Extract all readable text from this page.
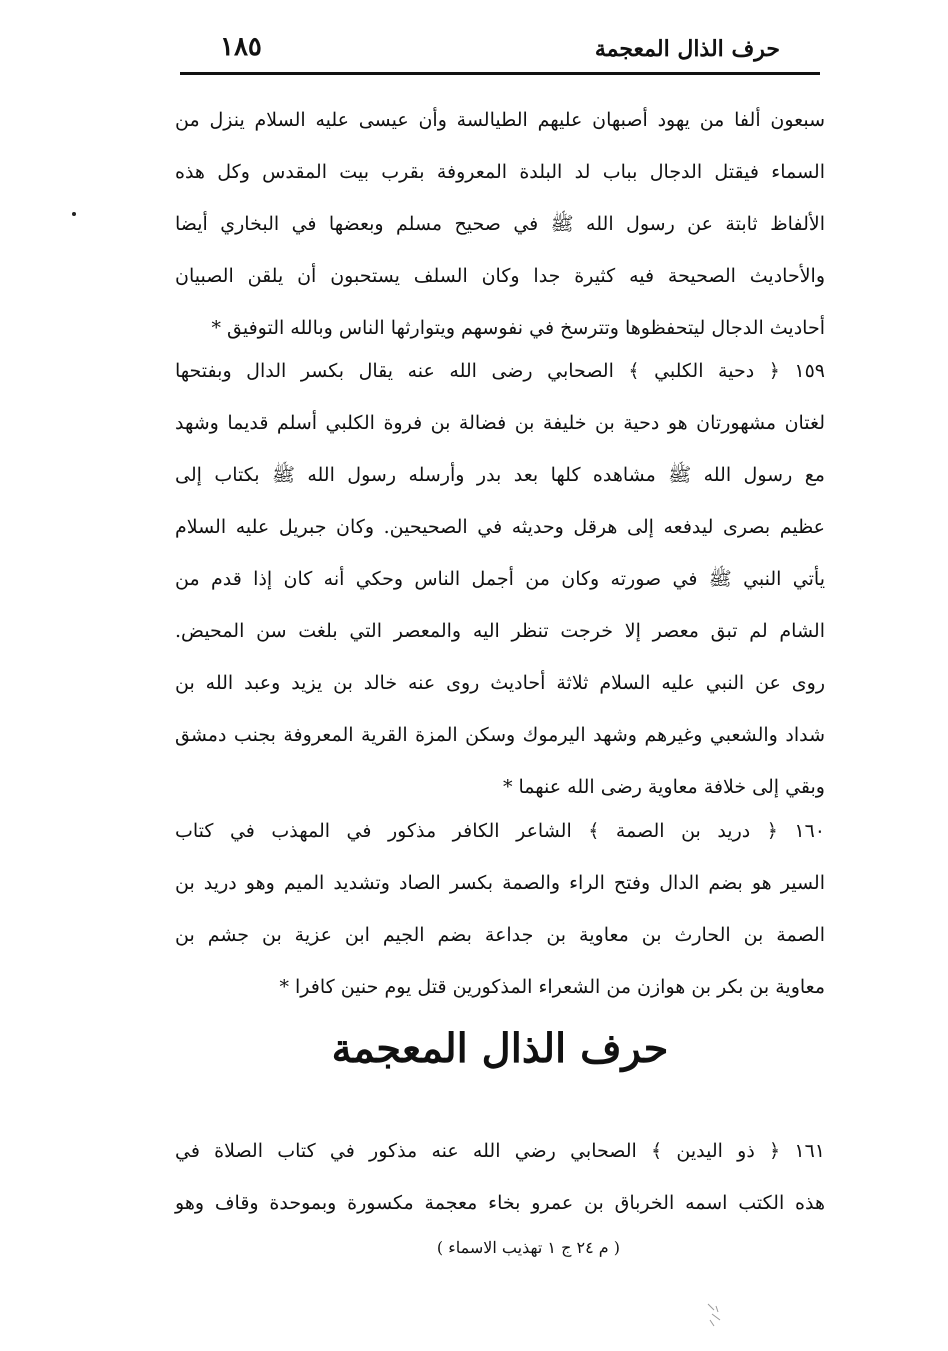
حرف الذال المعجمة
١٨٥

سبعون ألفا من يهود أصبهان عليهم الطيالسة وأن عيسى عليه السلام ينزل من

السماء فيقتل الدجال بباب لد البلدة المعروفة بقرب بيت المقدس وكل هذه

الألفاظ ثابتة عن رسول الله ﷺ في صحيح مسلم وبعضها في البخاري أيضا

والأحاديث الصحيحة فيه كثيرة جدا وكان السلف يستحبون أن يلقن الصبيان

أحاديث الدجال ليتحفظوها وتترسخ في نفوسهم ويتوارثها الناس وبالله التوفيق *

١٥٩ ﴿ دحية الكلبي ﴾ الصحابي رضى الله عنه يقال بكسر الدال وبفتحها

لغتان مشهورتان هو دحية بن خليفة بن فضالة بن فروة الكلبي أسلم قديما وشهد

مع رسول الله ﷺ مشاهده كلها بعد بدر وأرسله رسول الله ﷺ بكتاب إلى

عظيم بصرى ليدفعه إلى هرقل وحديثه في الصحيحين. وكان جبريل عليه السلام

يأتي النبي ﷺ في صورته وكان من أجمل الناس وحكي أنه كان إذا قدم من

الشام لم تبق معصر إلا خرجت تنظر اليه والمعصر التي بلغت سن المحيض.

روى عن النبي عليه السلام ثلاثة أحاديث روى عنه خالد بن يزيد وعبد الله بن

شداد والشعبي وغيرهم وشهد اليرموك وسكن المزة القرية المعروفة بجنب دمشق

وبقي إلى خلافة معاوية رضى الله عنهما *

١٦٠ ﴿ دريد بن الصمة ﴾ الشاعر الكافر مذكور في المهذب في كتاب

السير هو بضم الدال وفتح الراء والصمة بكسر الصاد وتشديد الميم وهو دريد بن

الصمة بن الحارث بن معاوية بن جداعة بضم الجيم ابن عزية بن جشم بن

معاوية بن بكر بن هوازن من الشعراء المذكورين قتل يوم حنين كافرا *

حرف الذال المعجمة

١٦١ ﴿ ذو اليدين ﴾ الصحابي رضي الله عنه مذكور في كتاب الصلاة في

هذه الكتب اسمه الخرباق بن عمرو بخاء معجمة مكسورة وبموحدة وقاف وهو

( م ٢٤ ج ١ تهذيب الاسماء )
